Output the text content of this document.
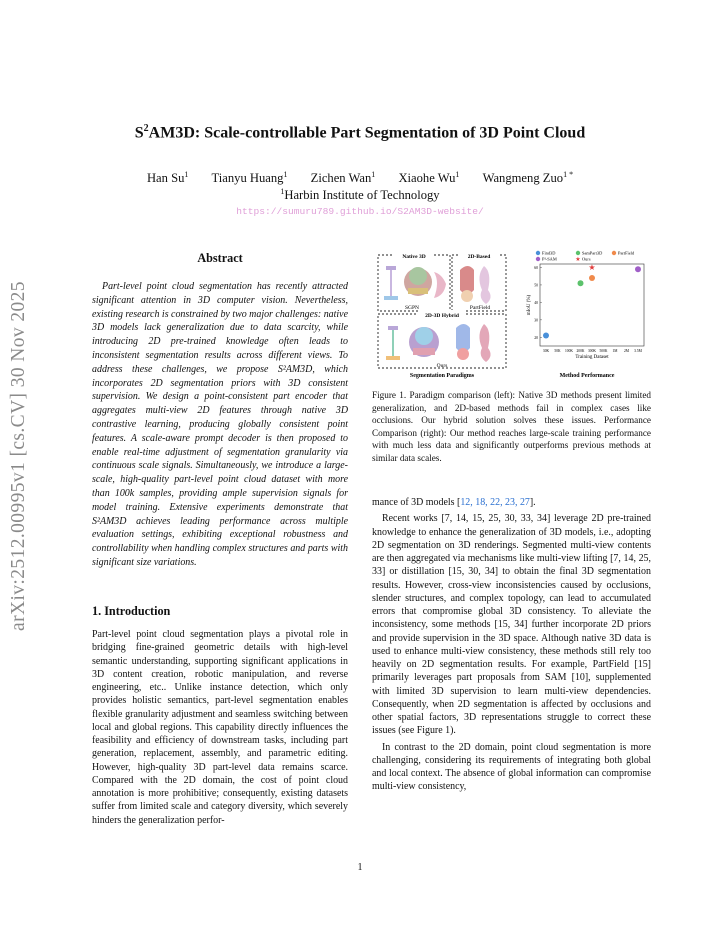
arXiv:2512.00995v1 [cs.CV] 30 Nov 2025
$S^2AM3D$: Scale-controllable Part Segmentation of 3D Point Cloud
Han Su$^1$ Tianyu Huang$^1$ Zichen Wan$^1$ Xiaohe Wu$^1$ Wangmeng Zuo$^{1 *}$
$^1$Harbin Institute of Technology
https://sumuru789.github.io/S2AM3D-website/
Abstract

Part-level point cloud segmentation has recently attracted significant attention in 3D computer vision. Nevertheless, existing research is constrained by two major challenges: native 3D models lack generalization due to data scarcity, while introducing 2D pre-trained knowledge often leads to inconsistent segmentation results across different views. To address these challenges, we propose S²AM3D, which incorporates 2D segmentation priors with 3D consistent supervision. We design a point-consistent part encoder that aggregates multi-view 2D features through native 3D contrastive learning, producing globally consistent point features. A scale-aware prompt decoder is then proposed to enable real-time adjustment of segmentation granularity via continuous scale signals. Simultaneously, we introduce a large-scale, high-quality part-level point cloud dataset with more than 100k samples, providing ample supervision signals for model training. Extensive experiments demonstrate that S²AM3D achieves leading performance across multiple evaluation settings, exhibiting exceptional robustness and controllability when handling complex structures and parts with significant size variations.

1. Introduction

Part-level point cloud segmentation plays a pivotal role in bridging fine-grained geometric details with high-level semantic understanding, supporting significant applications in 3D content creation, robotic manipulation, and reverse engineering, etc.. Unlike instance detection, which only provides holistic semantics, part-level segmentation enables flexible granularity adjustment and seamless switching between local and global regions. This capability directly influences the feasibility and efficiency of downstream tasks, including part generation, replacement, assembly, and parametric editing. However, high-quality 3D part-level data remains scarce. Compared with the 2D domain, the cost of point cloud annotation is more prohibitive; consequently, existing datasets suffer from limited scale and category diversity, which severely hinders the generalization perfor-

Native 3D	2D-Based
2D-3D Hybrid
SGPN	PartField
Ours
Segmentation Paradigms
30K 50K 100K 200K 300K 500K 1M 2M 3.5M
20
30
40
50
60
Training Dataset
mIoU (%)
Find3D	SamPart3D	PartField
P³-SAM	★ Ours
★
Method Performance

Figure 1. Paradigm comparison (left): Native 3D methods present limited generalization, and 2D-based methods fail in complex cases like occlusions. Our hybrid solution solves these issues. Performance Comparison (right): Our method reaches large-scale training performance with much less data and significantly outperforms previous methods at similar data scales.

mance of 3D models [12, 18, 22, 23, 27].

Recent works [7, 14, 15, 25, 30, 33, 34] leverage 2D pre-trained knowledge to enhance the generalization of 3D models, i.e., adopting 2D segmentation on 3D renderings. Segmented multi-view contents are then aggregated via mechanisms like multi-view lifting [7, 14, 25, 33] or distillation [15, 30, 34] to obtain the final 3D segmentation results. However, cross-view inconsistencies caused by occlusions, slender structures, and complex topology, can lead to accumulated errors that compromise global 3D consistency. To alleviate the inconsistency, some methods [15, 34] further incorporate 2D priors and provide supervision in the 3D space. Although native 3D data is used to enhance multi-view consistency, these methods still rely too heavily on 2D segmentation results. For example, PartField [15] primarily leverages part proposals from SAM [10], supplemented with limited 3D supervision to learn multi-view dependencies. Consequently, when 2D segmentation is affected by occlusions and other spatial factors, 3D representations struggle to correct these issues (see Figure 1).

In contrast to the 2D domain, point cloud segmentation is more challenging, considering its requirements of integrating both global and local context. The absence of global information can compromise multi-view consistency,

1
